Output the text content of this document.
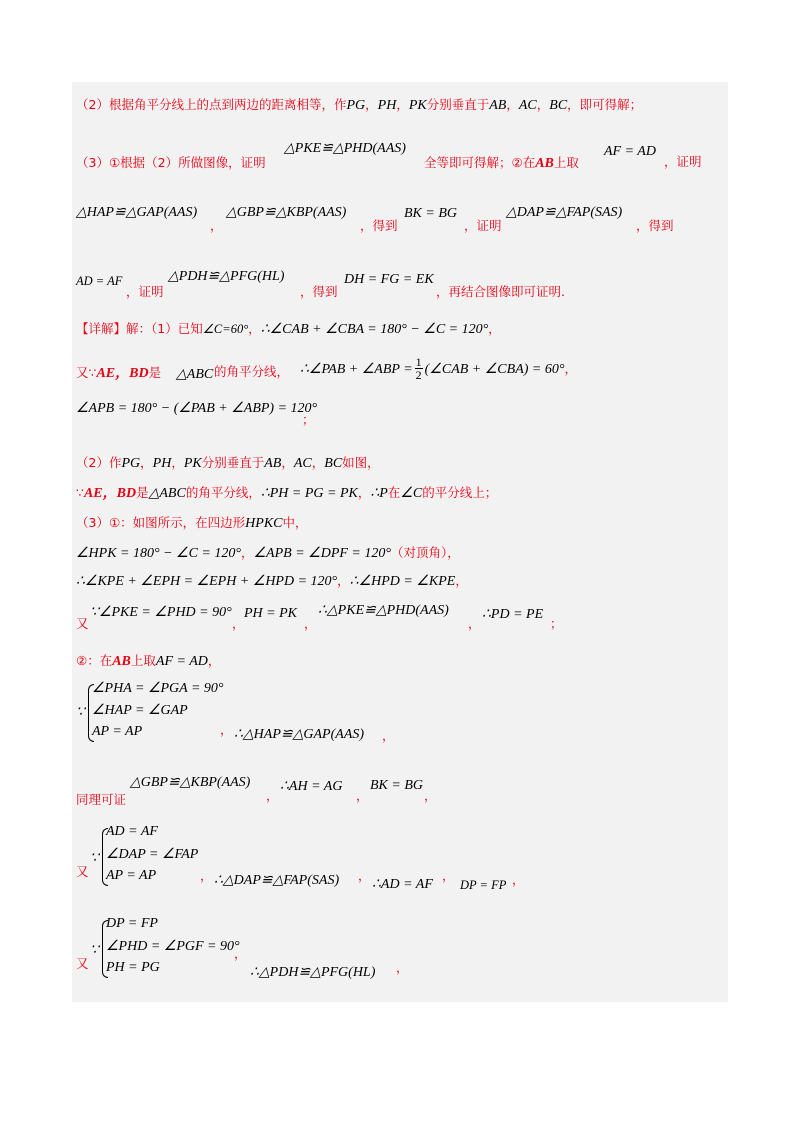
（2）根据角平分线上的点到两边的距离相等，作PG，PH，PK分别垂直于AB，AC，BC，即可得解；
（3）①根据（2）所做图像，证明
△PKE≌△PHD(AAS)
全等即可得解；②在AB上取
AF = AD
，证明
△HAP≌△GAP(AAS)
，
△GBP≌△KBP(AAS)
，得到
BK = BG
，证明
△DAP≌△FAP(SAS)
，得到
AD = AF
，证明
△PDH≌△PFG(HL)
，得到
DH = FG = EK
，再结合图像即可证明.
【详解】解：（1）已知∠C=60°，∴∠CAB + ∠CBA = 180° − ∠C = 120°，
又∵AE，BD是 △ABC 的角平分线， ∴∠PAB + ∠ABP = $\frac{1}{2}$ (∠CAB + ∠CBA) = 60°，
∠APB = 180° − (∠PAB + ∠ABP) = 120°
；
（2）作PG，PH，PK分别垂直于AB，AC，BC如图，
∵AE，BD是△ABC的角平分线，∴PH = PG = PK，∴P在∠C的平分线上；
（3）①：如图所示，在四边形HPKC中，
∠HPK = 180° − ∠C = 120°，∠APB = ∠DPF = 120°（对顶角），
∴∠KPE + ∠EPH = ∠EPH + ∠HPD = 120°，∴∠HPD = ∠KPE，
又
∵∠PKE = ∠PHD = 90°
，
PH = PK
，
∴△PKE≌△PHD(AAS)
，
∴PD = PE
；
②：在AB上取AF = AD，
∵
∠PHA = ∠PGA = 90°
∠HAP = ∠GAP
AP = AP	， ∴△HAP≌△GAP(AAS) ，
同理可证
△GBP≌△KBP(AAS)
，
∴AH = AG
，
BK = BG
，
又
∵
AD = AF
∠DAP = ∠FAP
AP = AP	， ∴△DAP≌△FAP(SAS) ，
∴AD = AF
，
DP = FP ，
又
∵
DP = FP
∠PHD = ∠PGF = 90°
PH = PG
，
∴△PDH≌△PFG(HL) ，
